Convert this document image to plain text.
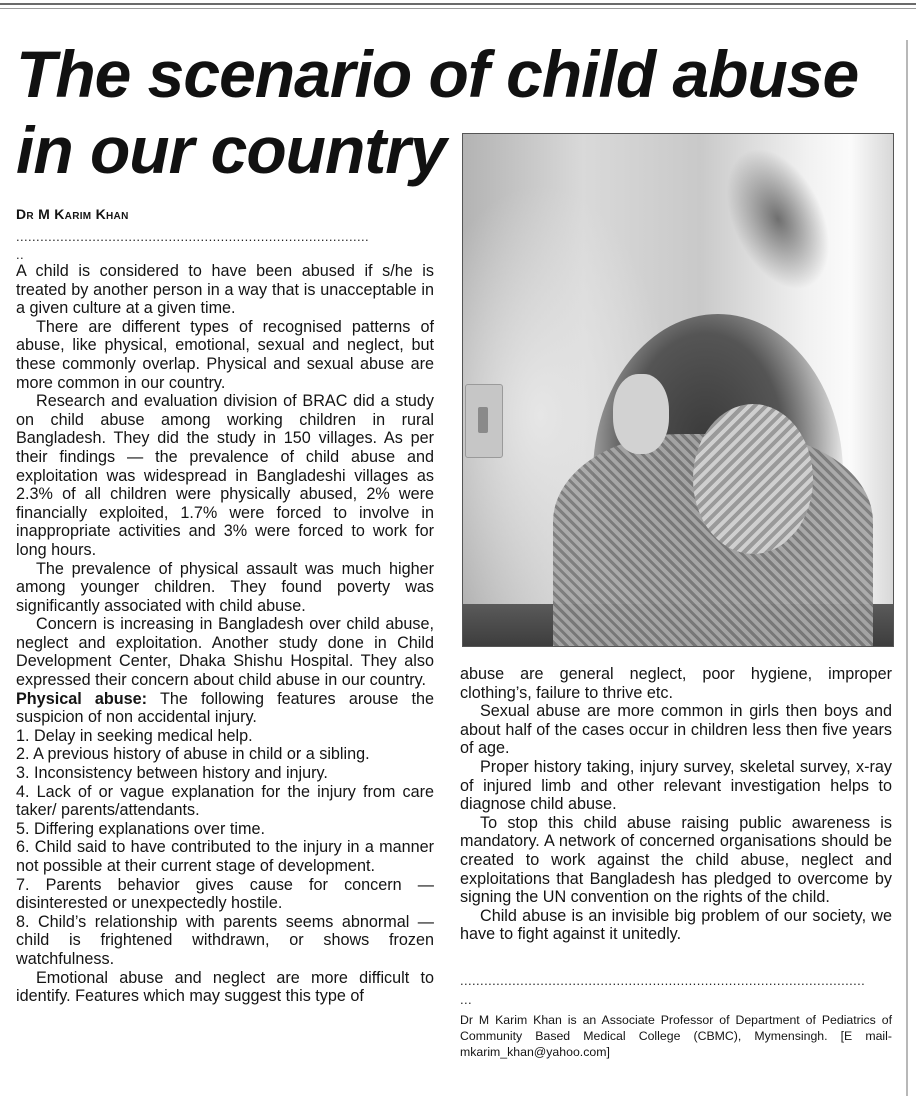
The scenario of child abuse in our country
Dr M Karim Khan
........................................................................................
..

A child is considered to have been abused if s/he is treated by another person in a way that is unacceptable in a given culture at a given time.

There are different types of recognised patterns of abuse, like physical, emotional, sexual and neglect, but these commonly overlap. Physical and sexual abuse are more common in our country.

Research and evaluation division of BRAC did a study on child abuse among working children in rural Bangladesh. They did the study in 150 villages. As per their findings — the prevalence of child abuse and exploitation was widespread in Bangladeshi villages as 2.3% of all children were physically abused, 2% were financially exploited, 1.7% were forced to involve in inappropriate activities and 3% were forced to work for long hours.

The prevalence of physical assault was much higher among younger children. They found poverty was significantly associated with child abuse.

Concern is increasing in Bangladesh over child abuse, neglect and exploitation. Another study done in Child Development Center, Dhaka Shishu Hospital. They also expressed their concern about child abuse in our country.

Physical abuse: The following features arouse the suspicion of non accidental injury.

1. Delay in seeking medical help.

2. A previous history of abuse in child or a sibling.

3. Inconsistency between history and injury.

4. Lack of or vague explanation for the injury from care taker/ parents/attendants.

5. Differing explanations over time.

6. Child said to have contributed to the injury in a manner not possible at their current stage of development.

7. Parents behavior gives cause for concern — disinterested or unexpectedly hostile.

8. Child’s relationship with parents seems abnormal — child is frightened withdrawn, or shows frozen watchfulness.

Emotional abuse and neglect are more difficult to identify. Features which may suggest this type of

abuse are general neglect, poor hygiene, improper clothing’s, failure to thrive etc.

Sexual abuse are more common in girls then boys and about half of the cases occur in children less then five years of age.

Proper history taking, injury survey, skeletal survey, x-ray of injured limb and other relevant investigation helps to diagnose child abuse.

To stop this child abuse raising public awareness is mandatory. A network of concerned organisations should be created to work against the child abuse, neglect and exploitations that Bangladesh has pledged to overcome by signing the UN convention on the rights of the child.

Child abuse is an invisible big problem of our society, we have to fight against it unitedly.

.....................................................................................................
...

Dr M Karim Khan is an Associate Professor of Department of Pediatrics of Community Based Medical College (CBMC), Mymensingh. [E mail-mkarim_khan@yahoo.com]
